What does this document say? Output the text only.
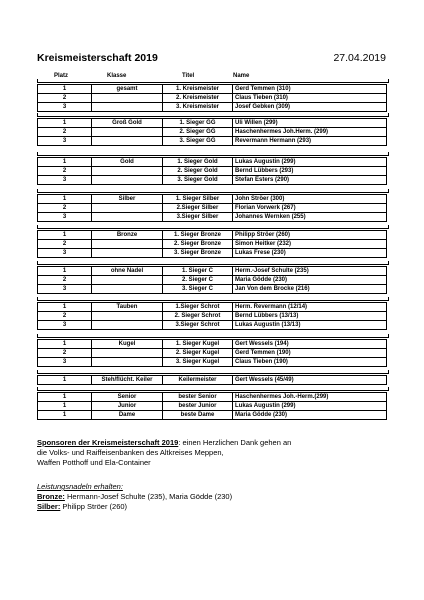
Kreismeisterschaft 2019	27.04.2019
Platz	Klasse	Titel	Name
1	gesamt	1. Kreismeister	Gerd Temmen (310)
2		2. Kreismeister	Claus Tieben (310)
3		3. Kreismeister	Josef Gebken (309)
1	Groß Gold	1. Sieger GG	Uli Willen (299)
2		2. Sieger GG	Haschenhermes Joh.Herm. (299)
3		3. Sieger GG	Revermann Hermann (293)
1	Gold	1. Sieger Gold	Lukas Augustin (299)
2		2. Sieger Gold	Bernd Lübbers (293)
3		3. Sieger Gold	Stefan Esters (290)
1	Silber	1. Sieger Silber	John Ströer (300)
2		2.Sieger Silber	Florian Vorwerk (267)
3		3.Sieger Silber	Johannes Wernken (255)
1	Bronze	1. Sieger Bronze	Philipp Ströer (260)
2		2. Sieger Bronze	Simon Heitker (232)
3		3. Sieger Bronze	Lukas Frese (230)
1	ohne Nadel	1. Sieger C	Herm.-Josef Schulte (235)
2		2. Sieger C	Maria Gödde (230)
3		3. Sieger C	Jan Von dem Brocke (216)
1	Tauben	1.Sieger Schrot	Herm. Revermann (12/14)
2		2. Sieger Schrot	Bernd Lübbers (13/13)
3		3.Sieger Schrot	Lukas Augustin (13/13)
1	Kugel	1. Sieger Kugel	Gert Wessels (194)
2		2. Sieger Kugel	Gerd Temmen (190)
3		3. Sieger Kugel	Claus Tieben (190)
1	Steh/flücht. Keiler	Keilermeister	Gert Wessels (45/49)
1	Senior	bester Senior	Haschenhermes Joh.-Herm.(299)
1	Junior	bester Junior	Lukas Augustin (299)
1	Dame	beste Dame	Maria Gödde (230)
Sponsoren der Kreismeisterschaft 2019: einen Herzlichen Dank gehen an
die Volks- und Raiffeisenbanken des Altkreises Meppen,
Waffen Potthoff und Ela-Container
Leistungsnadeln erhalten:
Bronze: Hermann-Josef Schulte (235), Maria Gödde (230)
Silber: Philipp Ströer (260)
